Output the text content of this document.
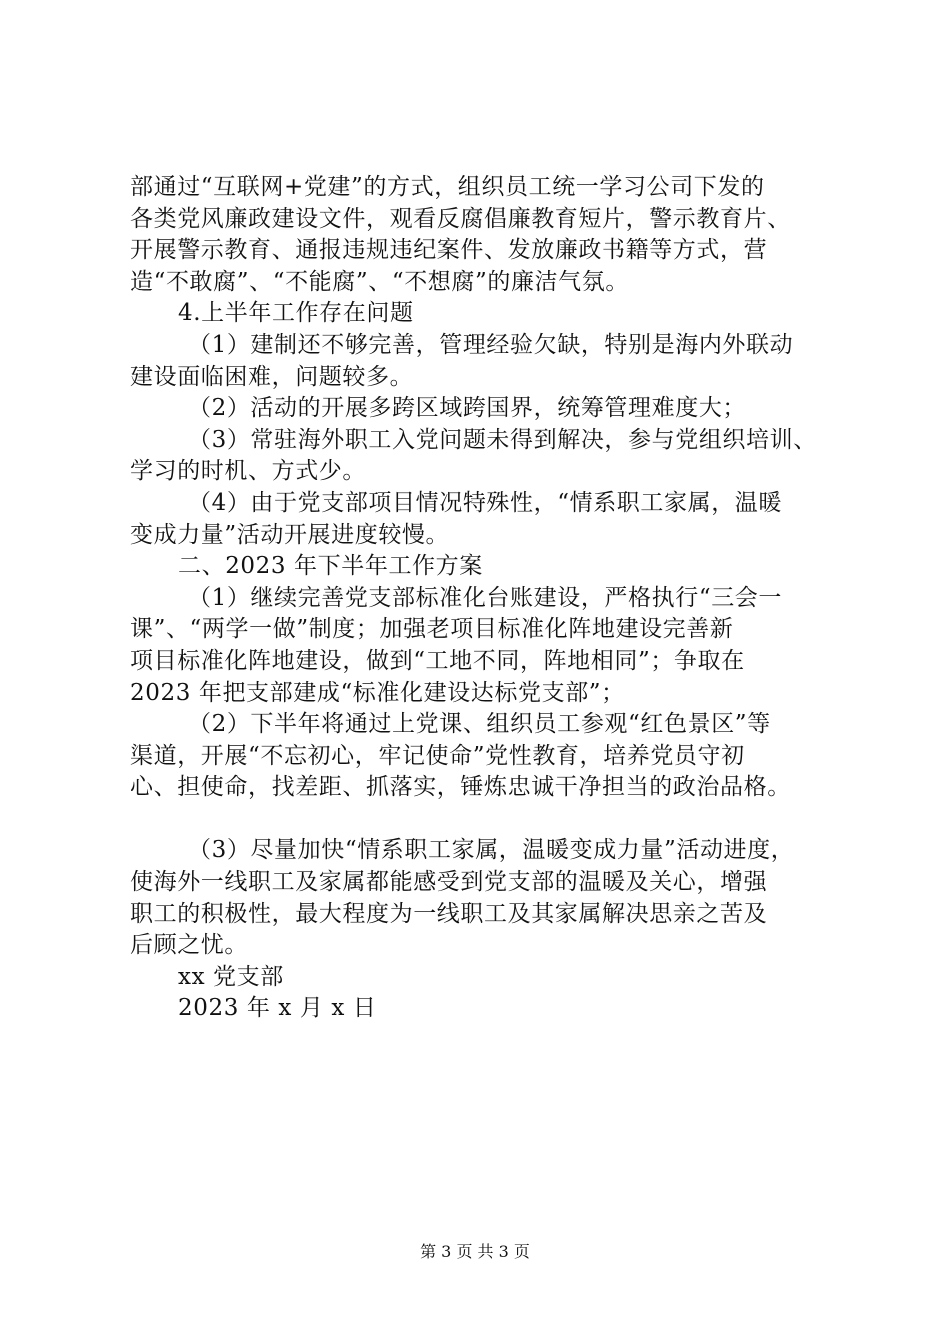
部通过“互联网+党建”的方式，组织员工统一学习公司下发的
各类党风廉政建设文件，观看反腐倡廉教育短片，警示教育片、
开展警示教育、通报违规违纪案件、发放廉政书籍等方式，营
造“不敢腐”、“不能腐”、“不想腐”的廉洁气氛。
4.上半年工作存在问题
（1）建制还不够完善，管理经验欠缺，特别是海内外联动
建设面临困难，问题较多。
（2）活动的开展多跨区域跨国界，统筹管理难度大；
（3）常驻海外职工入党问题未得到解决，参与党组织培训、
学习的时机、方式少。
（4）由于党支部项目情况特殊性，“情系职工家属，温暖
变成力量”活动开展进度较慢。
二、2023 年下半年工作方案
（1）继续完善党支部标准化台账建设，严格执行“三会一
课”、“两学一做”制度；加强老项目标准化阵地建设完善新
项目标准化阵地建设，做到“工地不同，阵地相同”；争取在
2023 年把支部建成“标准化建设达标党支部”；
（2）下半年将通过上党课、组织员工参观“红色景区”等
渠道，开展“不忘初心，牢记使命”党性教育，培养党员守初
心、担使命，找差距、抓落实，锤炼忠诚干净担当的政治品格。
（3）尽量加快“情系职工家属，温暖变成力量”活动进度，
使海外一线职工及家属都能感受到党支部的温暖及关心，增强
职工的积极性，最大程度为一线职工及其家属解决思亲之苦及
后顾之忧。
xx 党支部
2023 年 x 月 x 日
第 3 页 共 3 页
